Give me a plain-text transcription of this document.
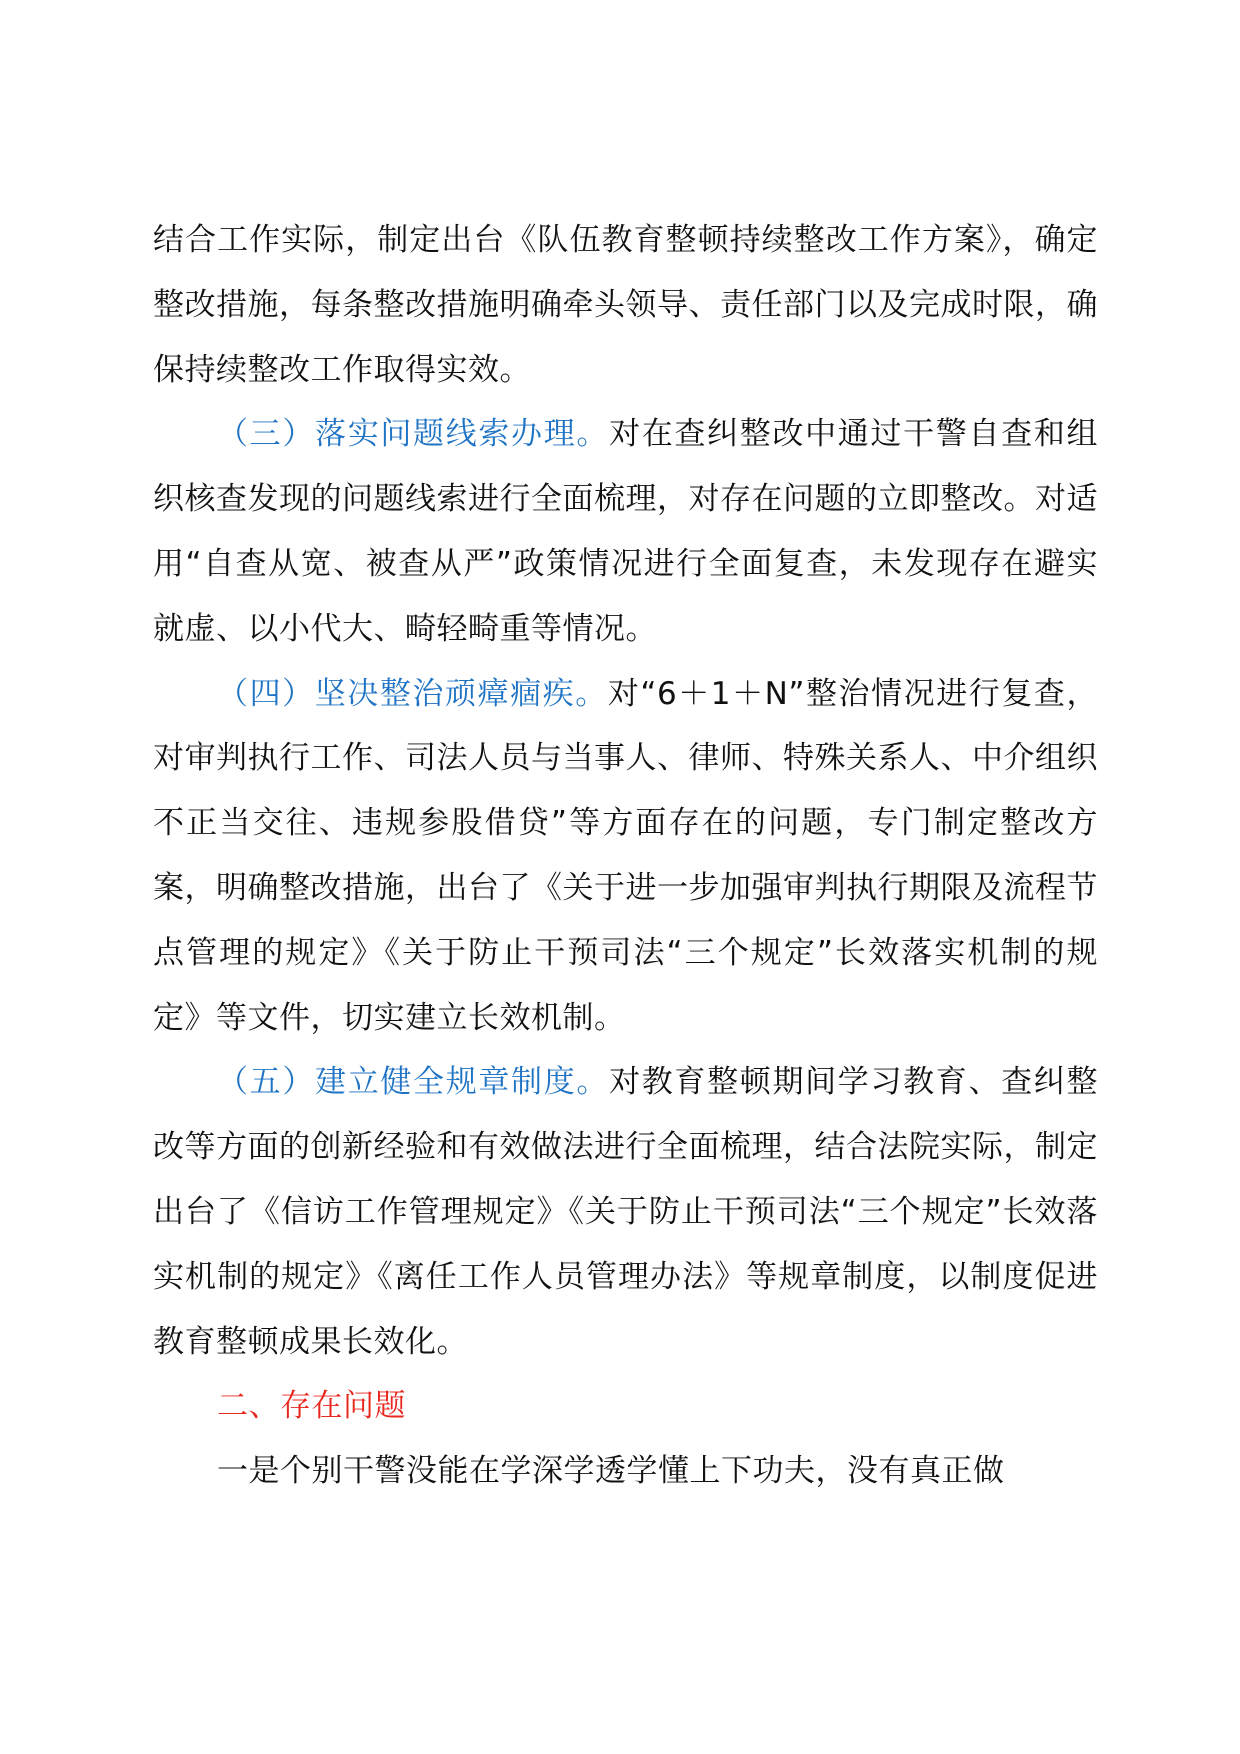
结合工作实际，制定出台《队伍教育整顿持续整改工作方案》，确定整改措施，每条整改措施明确牵头领导、责任部门以及完成时限，确保持续整改工作取得实效。

（三）落实问题线索办理。对在查纠整改中通过干警自查和组织核查发现的问题线索进行全面梳理，对存在问题的立即整改。对适用“自查从宽、被查从严”政策情况进行全面复查，未发现存在避实就虚、以小代大、畸轻畸重等情况。

（四）坚决整治顽瘴痼疾。对“6＋1＋N”整治情况进行复查，对审判执行工作、司法人员与当事人、律师、特殊关系人、中介组织不正当交往、违规参股借贷”等方面存在的问题，专门制定整改方案，明确整改措施，出台了《关于进一步加强审判执行期限及流程节点管理的规定》《关于防止干预司法“三个规定”长效落实机制的规定》等文件，切实建立长效机制。

（五）建立健全规章制度。对教育整顿期间学习教育、查纠整改等方面的创新经验和有效做法进行全面梳理，结合法院实际，制定出台了《信访工作管理规定》《关于防止干预司法“三个规定”长效落实机制的规定》《离任工作人员管理办法》等规章制度，以制度促进教育整顿成果长效化。

二、存在问题

一是个别干警没能在学深学透学懂上下功夫，没有真正做
